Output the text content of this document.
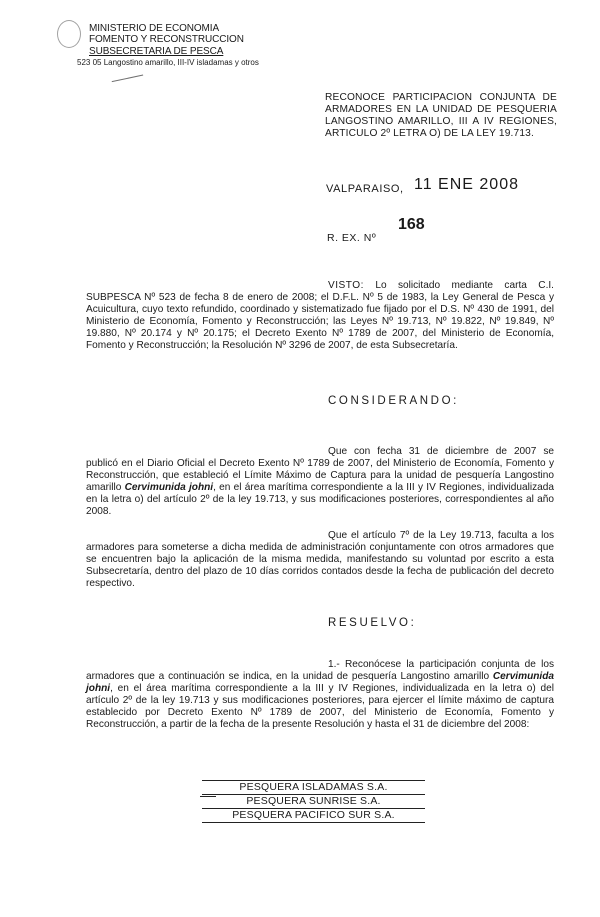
MINISTERIO DE ECONOMIA
FOMENTO Y RECONSTRUCCION
SUBSECRETARIA DE PESCA
523 05 Langostino amarillo, III-IV isladamas y otros
RECONOCE PARTICIPACION CONJUNTA DE ARMADORES EN LA UNIDAD DE PESQUERIA LANGOSTINO AMARILLO, III A IV REGIONES, ARTICULO 2º LETRA O) DE LA LEY 19.713.
VALPARAISO, 11 ENE 2008
R. EX. Nº
168
VISTO: Lo solicitado mediante carta C.I. SUBPESCA Nº 523 de fecha 8 de enero de 2008; el D.F.L. Nº 5 de 1983, la Ley General de Pesca y Acuicultura, cuyo texto refundido, coordinado y sistematizado fue fijado por el D.S. Nº 430 de 1991, del Ministerio de Economía, Fomento y Reconstrucción; las Leyes Nº 19.713, Nº 19.822, Nº 19.849, Nº 19.880, Nº 20.174 y Nº 20.175; el Decreto Exento Nº 1789 de 2007, del Ministerio de Economía, Fomento y Reconstrucción; la Resolución Nº 3296 de 2007, de esta Subsecretaría.
CONSIDERANDO:
Que con fecha 31 de diciembre de 2007 se publicó en el Diario Oficial el Decreto Exento Nº 1789 de 2007, del Ministerio de Economía, Fomento y Reconstrucción, que estableció el Límite Máximo de Captura para la unidad de pesquería Langostino amarillo Cervimunida johni, en el área marítima correspondiente a la III y IV Regiones, individualizada en la letra o) del artículo 2º de la ley 19.713, y sus modificaciones posteriores, correspondientes al año 2008.
Que el artículo 7º de la Ley 19.713, faculta a los armadores para someterse a dicha medida de administración conjuntamente con otros armadores que se encuentren bajo la aplicación de la misma medida, manifestando su voluntad por escrito a esta Subsecretaría, dentro del plazo de 10 días corridos contados desde la fecha de publicación del decreto respectivo.
RESUELVO:
1.- Reconócese la participación conjunta de los armadores que a continuación se indica, en la unidad de pesquería Langostino amarillo Cervimunida johni, en el área marítima correspondiente a la III y IV Regiones, individualizada en la letra o) del artículo 2º de la ley 19.713 y sus modificaciones posteriores, para ejercer el límite máximo de captura establecido por Decreto Exento Nº 1789 de 2007, del Ministerio de Economía, Fomento y Reconstrucción, a partir de la fecha de la presente Resolución y hasta el 31 de diciembre del 2008:
PESQUERA ISLADAMAS S.A.
PESQUERA SUNRISE S.A.
PESQUERA PACIFICO SUR S.A.
